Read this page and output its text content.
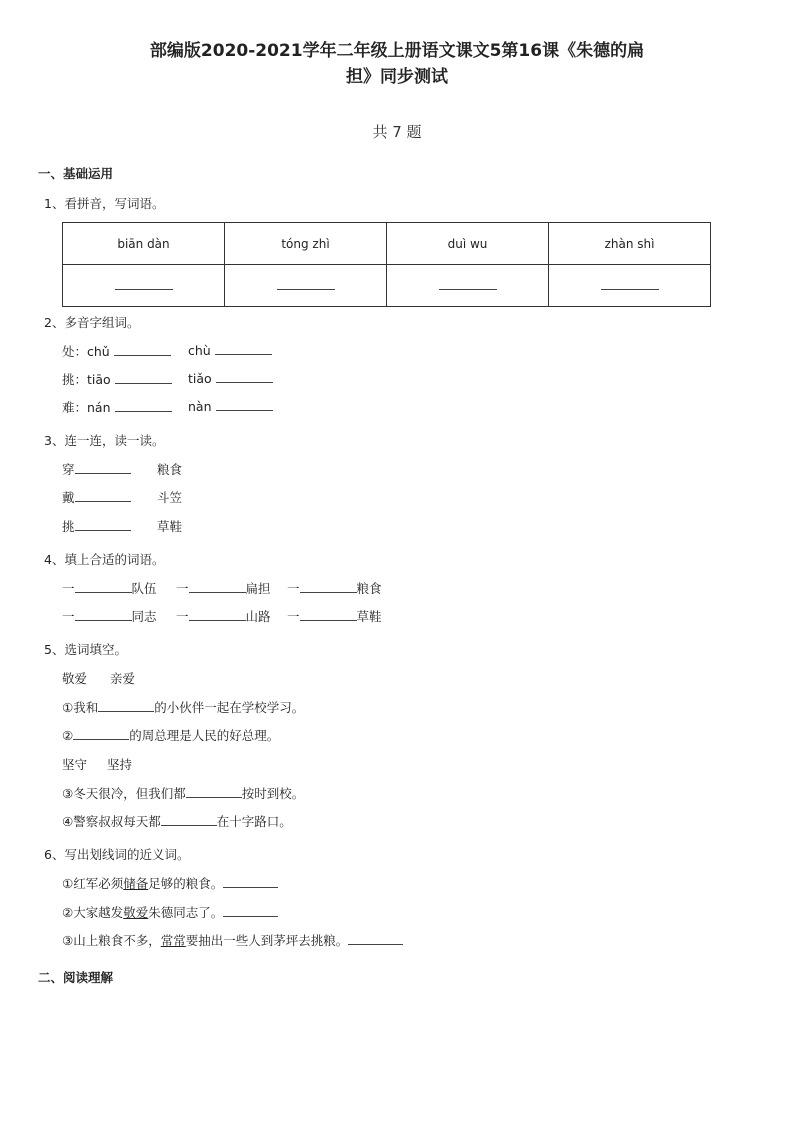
部编版2020-2021学年二年级上册语文课文5第16课《朱德的扁
担》同步测试
共 7 题
一、基础运用
1、看拼音，写词语。
biān dàn	tóng zhì	duì wu	zhàn shì

2、多音字组词。
处：chǔ	chù
挑：tiāo	tiǎo
难：nán	nàn
3、连一连，读一读。
穿	粮食
戴	斗笠
挑	草鞋
4、填上合适的词语。
一	队伍 一	扁担 一	粮食
一	同志 一	山路 一	草鞋
5、选词填空。
敬爱 亲爱
①我和	的小伙伴一起在学校学习。
②	的周总理是人民的好总理。
坚守 坚持
③冬天很冷，但我们都	按时到校。
④警察叔叔每天都	在十字路口。
6、写出划线词的近义词。
①红军必须储备足够的粮食。
②大家越发敬爱朱德同志了。
③山上粮食不多，常常要抽出一些人到茅坪去挑粮。
二、阅读理解
